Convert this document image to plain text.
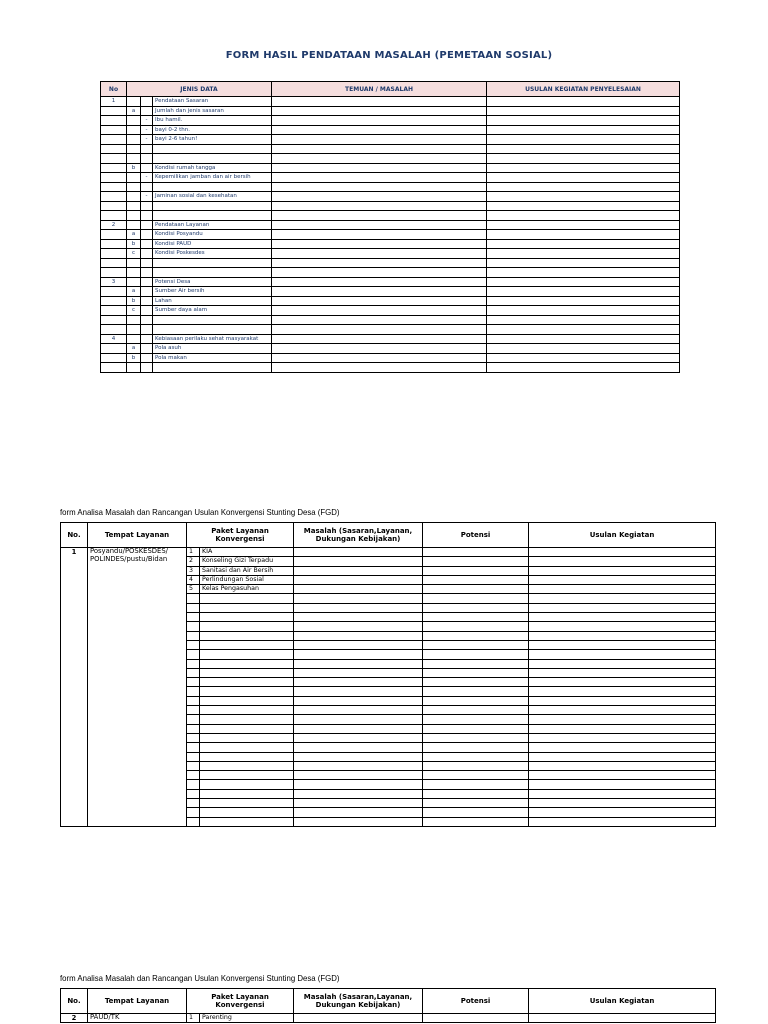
FORM HASIL PENDATAAN MASALAH (PEMETAAN SOSIAL)
No	JENIS DATA			TEMUAN / MASALAH	USULAN KEGIATAN PENYELESAIAN
1			Pendataan Sasaran		
	a		Jumlah dan jenis sasaran		
		-	Ibu hamil.		
		-	bayi 0-2 thn.		
		-	bayi 2-6 tahun!		

	b		Kondisi rumah tangga		
		-	Kepemilikan jamban dan air bersih		

		-	Jaminan sosial dan kesehatan		

2			Pendataan Layanan		
	a		Kondisi Posyandu		
	b		Kondisi PAUD		
	c		Kondisi Poskesdes		

3			Potensi Desa		
	a		Sumber Air bersih		
	b		Lahan		
	c		Sumber daya alam		

4			Kebiasaan perilaku sehat masyarakat		
	a		Pola asuh		
	b		Pola makan		

form Analisa Masalah dan Rancangan Usulan Konvergensi Stunting Desa (FGD)
No.	Tempat Layanan	Paket Layanan Konvergensi		Masalah (Sasaran,Layanan, Dukungan Kebijakan)	Potensi	Usulan Kegiatan
1	Posyandu/POSKESDES/ POLINDES/pustu/Bidan	1	KIA			
		2	Konseling Gizi Terpadu			
		3	Sanitasi dan Air Bersih			
		4	Perlindungan Sosial			
		5	Kelas Pengasuhan			

form Analisa Masalah dan Rancangan Usulan Konvergensi Stunting Desa (FGD)
No.	Tempat Layanan	Paket Layanan Konvergensi		Masalah (Sasaran,Layanan, Dukungan Kebijakan)	Potensi	Usulan Kegiatan
2	PAUD/TK	1	Parenting			
